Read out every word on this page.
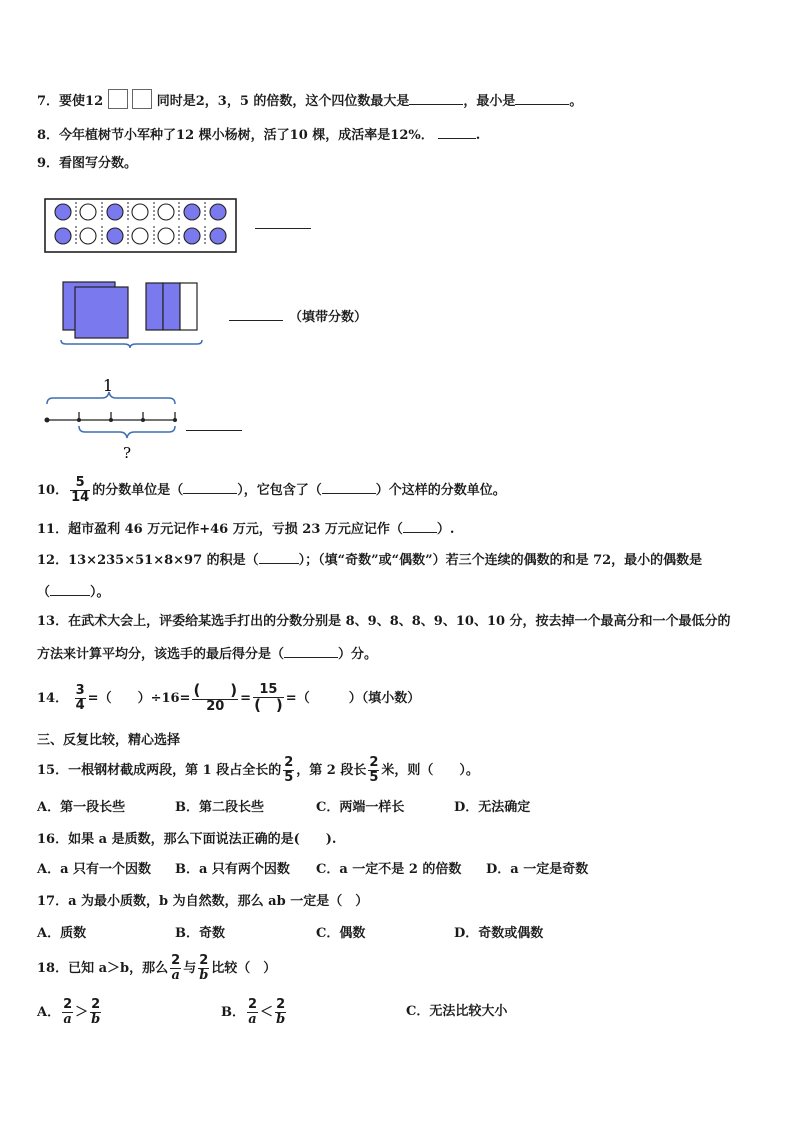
7．要使12	同时是2，3，5 的倍数，这个四位数最大是	，最小是	。
8．今年植树节小军种了12 棵小杨树，活了10 棵，成活率是12%．	.
9．看图写分数。
（填带分数）
1
?
10． $\frac{5}{14}$ 的分数单位是（	），它包含了（	）个这样的分数单位。
11．超市盈利 46 万元记作+46 万元，亏损 23 万元应记作（	）.
12．13×235×51×8×97 的积是（	）；（填“奇数”或“偶数”）若三个连续的偶数的和是 72，最小的偶数是
（	）。
13．在武术大会上，评委给某选手打出的分数分别是 8、9、8、8、9、10、10 分，按去掉一个最高分和一个最低分的
方法来计算平均分，该选手的最后得分是（	）分。
14． $\frac{3}{4}$ =（　　）$\div 16= \frac{( )}{20} = \frac{15}{( )}$ =（　　　）（填小数）
三、反复比较，精心选择
15．一根钢材截成两段，第 1 段占全长的 $\frac{2}{5}$ ，第 2 段长 $\frac{2}{5}$ 米，则（　　）。
A．第一段长些	B．第二段长些	C．两端一样长	D．无法确定
16．如果 a 是质数，那么下面说法正确的是(　　).
A．a 只有一个因数 B．a 只有两个因数 C．a 一定不是 2 的倍数 D．a 一定是奇数
17．a 为最小质数，b 为自然数，那么 ab 一定是（　）
A．质数	B．奇数	C．偶数	D．奇数或偶数
18．已知 a＞b，那么 $\frac{2}{a}$ 与 $\frac{2}{b}$ 比较（　）
A． $\frac{2}{a} > \frac{2}{b}$	B． $\frac{2}{a} < \frac{2}{b}$	C．无法比较大小
